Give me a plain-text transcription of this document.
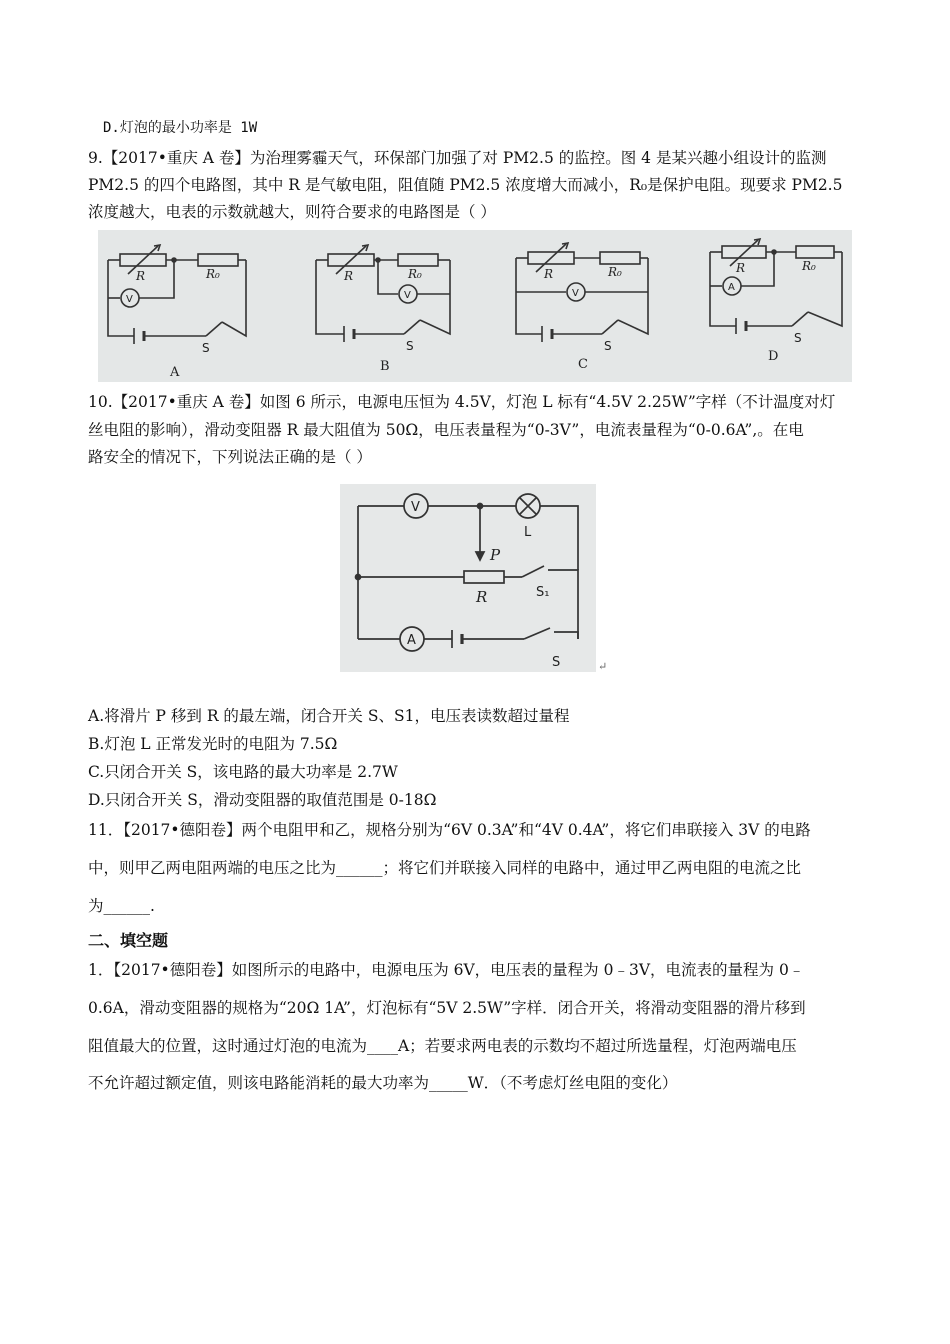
D.灯泡的最小功率是 1W
9.【2017•重庆 A 卷】为治理雾霾天气，环保部门加强了对 PM2.5 的监控。图 4 是某兴趣小组设计的监测
PM2.5 的四个电路图，其中 R 是气敏电阻，阻值随 PM2.5 浓度增大而减小，R₀是保护电阻。现要求 PM2.5
浓度越大，电表的示数就越大，则符合要求的电路图是（ ）
R	R₀	R	R₀	R	R₀	R	R₀
V	V	V
A
S	S	S
S
A	B	C
D
10.【2017•重庆 A 卷】如图 6 所示，电源电压恒为 4.5V，灯泡 L 标有“4.5V 2.25W”字样（不计温度对灯
丝电阻的影响），滑动变阻器 R 最大阻值为 50Ω，电压表量程为“0-3V”，电流表量程为“0-0.6A”,。在电
路安全的情况下，下列说法正确的是（ ）
V
A
L
S
P
R	S₁
↵
A.将滑片 P 移到 R 的最左端，闭合开关 S、S1，电压表读数超过量程
B.灯泡 L 正常发光时的电阻为 7.5Ω
C.只闭合开关 S，该电路的最大功率是 2.7W
D.只闭合开关 S，滑动变阻器的取值范围是 0-18Ω
11．【2017•德阳卷】两个电阻甲和乙，规格分别为“6V 0.3A”和“4V 0.4A”，将它们串联接入 3V 的电路
中，则甲乙两电阻两端的电压之比为______；将它们并联接入同样的电路中，通过甲乙两电阻的电流之比
为______.
二、填空题
1．【2017•德阳卷】如图所示的电路中，电源电压为 6V，电压表的量程为 0﹣3V，电流表的量程为 0﹣
0.6A，滑动变阻器的规格为“20Ω 1A”，灯泡标有“5V 2.5W”字样．闭合开关，将滑动变阻器的滑片移到
阻值最大的位置，这时通过灯泡的电流为____A；若要求两电表的示数均不超过所选量程，灯泡两端电压
不允许超过额定值，则该电路能消耗的最大功率为_____W．（不考虑灯丝电阻的变化）
